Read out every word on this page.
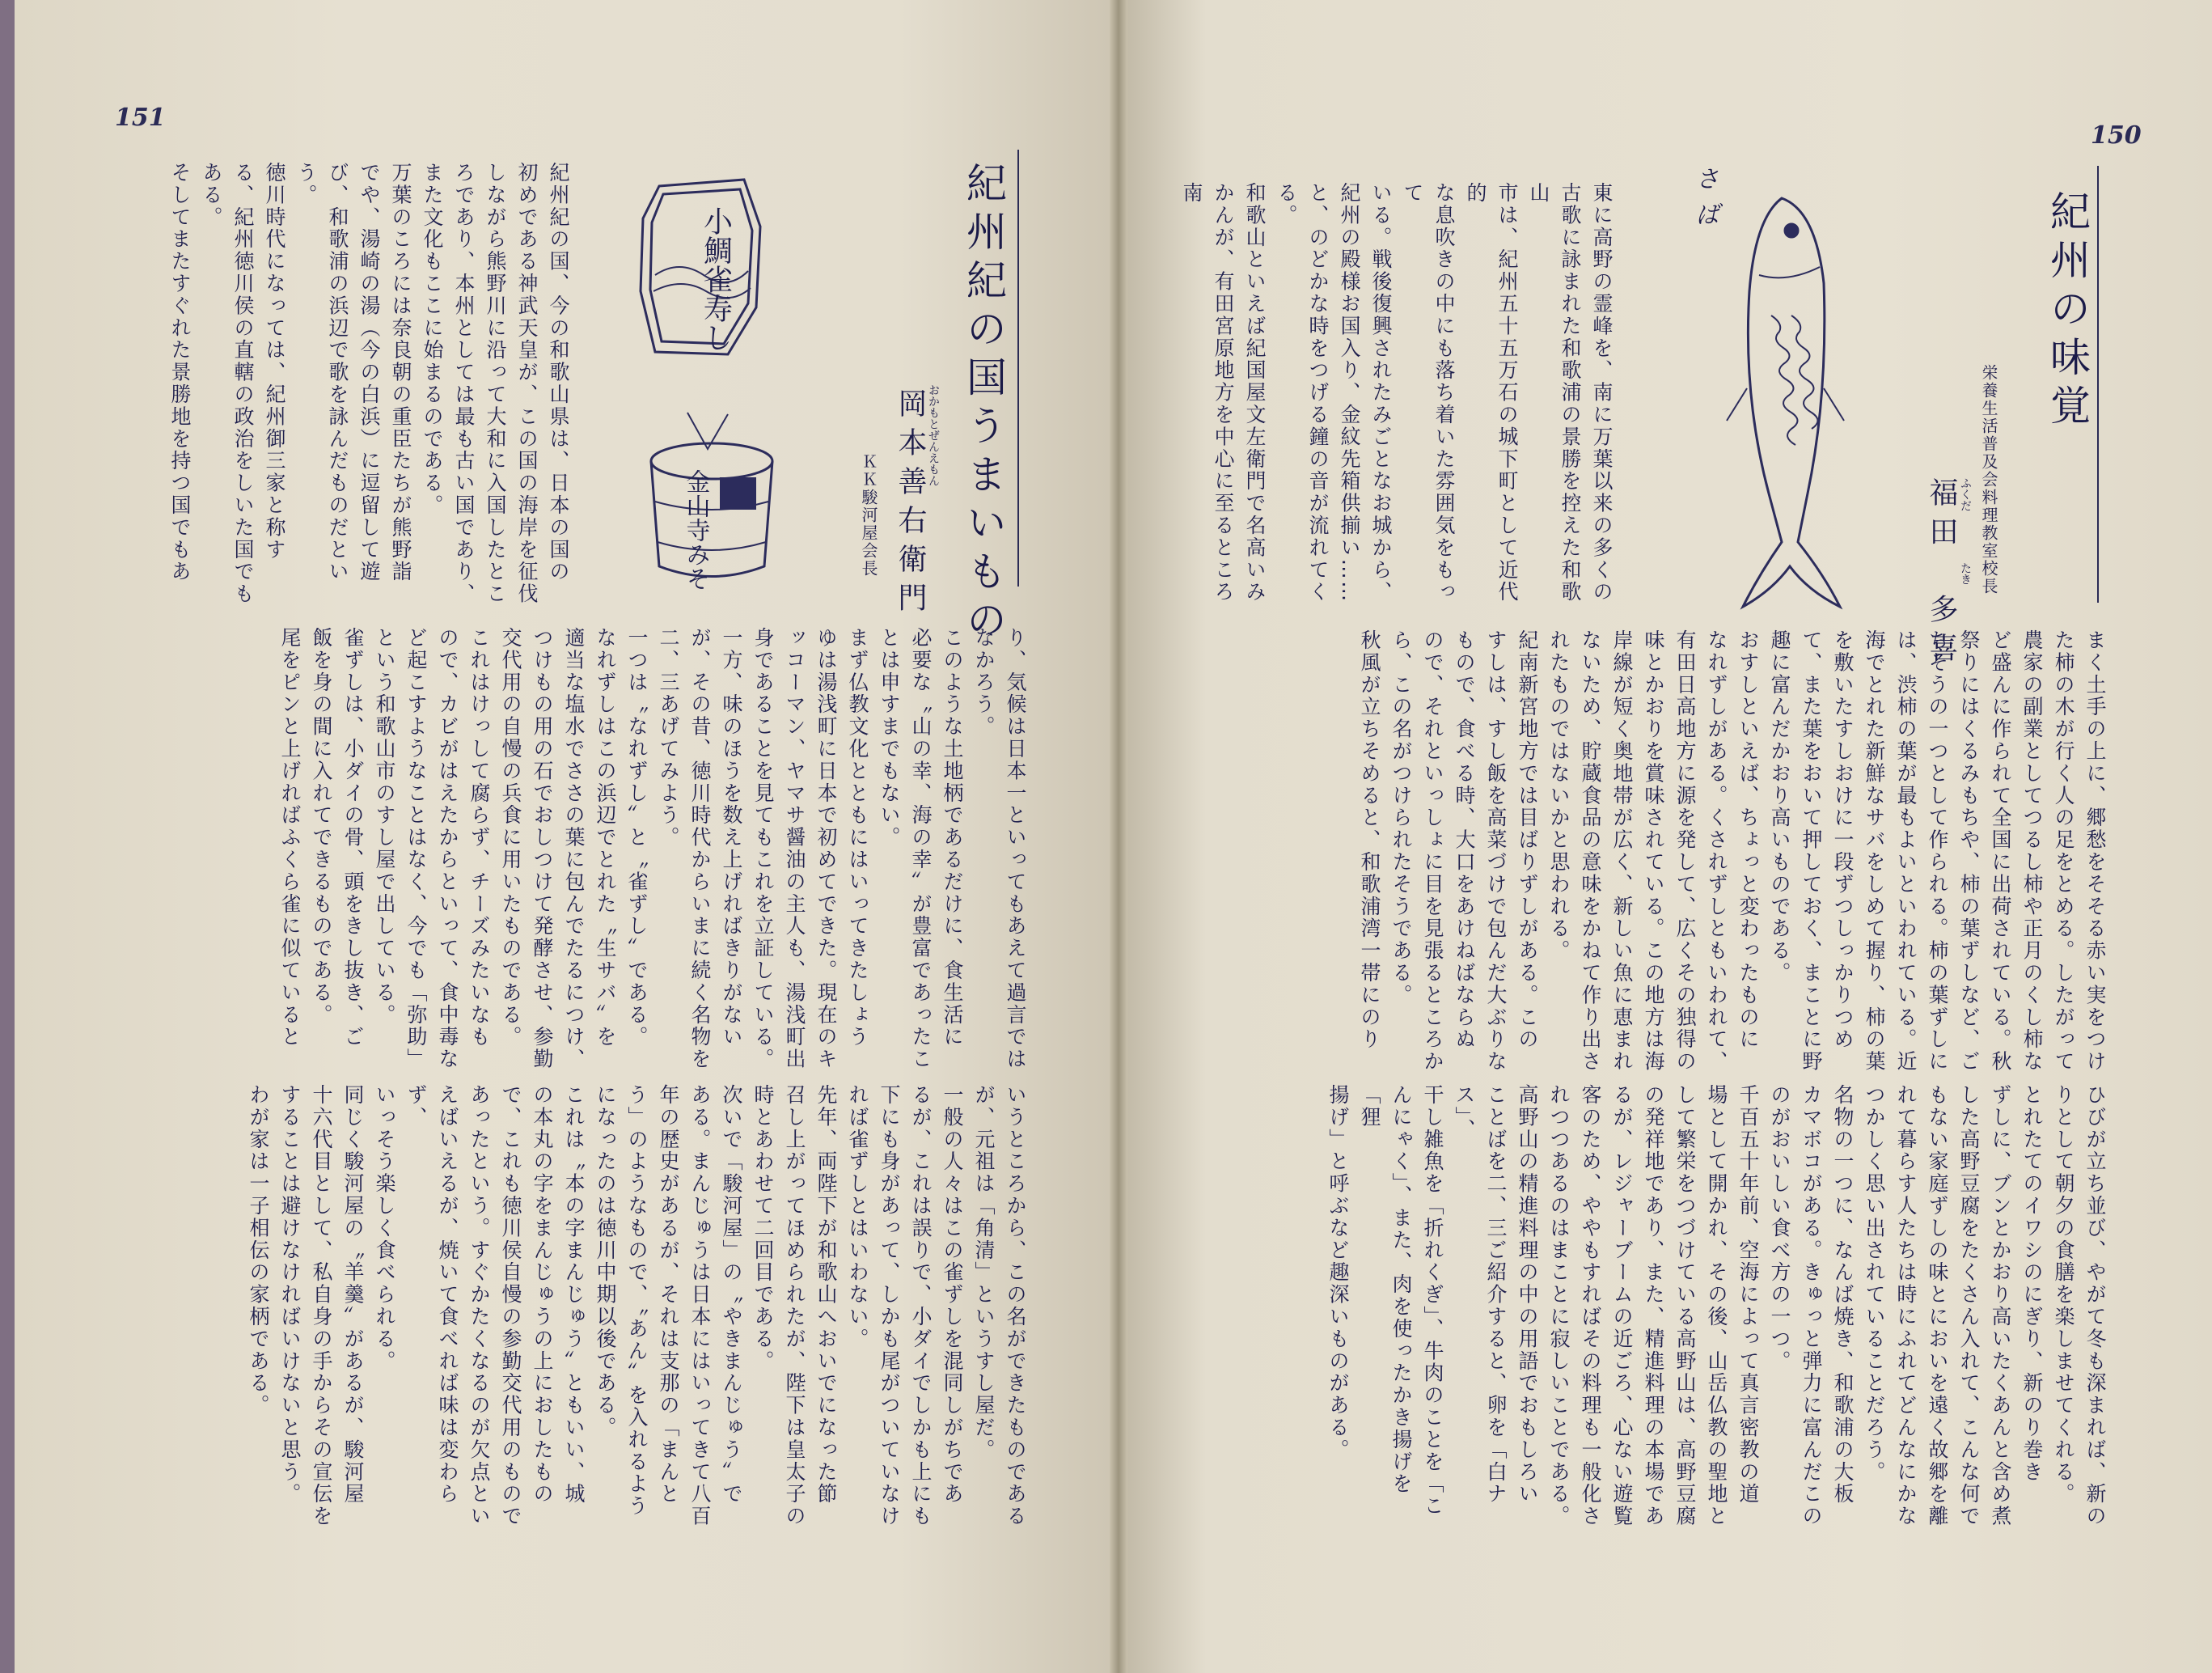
151
紀州紀の国うまいもの
おかもとぜんえもん
岡本善右衛門
ＫＫ駿河屋会長
小鯛雀寿し
金山寺みそ
紀州紀の国、今の和歌山県は、日本の国の
初めである神武天皇が、この国の海岸を征伐
しながら熊野川に沿って大和に入国したとこ
ろであり、本州としては最も古い国であり、
また文化もここに始まるのである。
万葉のころには奈良朝の重臣たちが熊野詣
でや、湯崎の湯（今の白浜）に逗留して遊
び、和歌浦の浜辺で歌を詠んだものだという。
徳川時代になっては、紀州御三家と称す
る、紀州徳川侯の直轄の政治をしいた国でも
ある。
そしてまたすぐれた景勝地を持つ国でもあ
り、気候は日本一といってもあえて過言では
なかろう。
このような土地柄であるだけに、食生活に
必要な〝山の幸、海の幸〟が豊富であったこ
とは申すまでもない。
まず仏教文化とともにはいってきたしょう
ゆは湯浅町に日本で初めてできた。現在のキ
ッコーマン、ヤマサ醤油の主人も、湯浅町出
身であることを見てもこれを立証している。
一方、味のほうを数え上げればきりがない
が、その昔、徳川時代からいまに続く名物を
二、三あげてみよう。
一つは〝なれずし〟と〝雀ずし〟である。
なれずしはこの浜辺でとれた〝生サバ〟を
適当な塩水でささの葉に包んでたるにつけ、
つけもの用の石でおしつけて発酵させ、参勤
交代用の自慢の兵食に用いたものである。
これはけっして腐らず、チーズみたいなも
ので、カビがはえたからといって、食中毒な
ど起こすようなことはなく、今でも「弥助」
という和歌山市のすし屋で出している。
雀ずしは、小ダイの骨、頭をきし抜き、ご
飯を身の間に入れてできるものである。
尾をピンと上げればふくら雀に似ていると
いうところから、この名ができたものである
が、元祖は「角清」というすし屋だ。
一般の人々はこの雀ずしを混同しがちであ
るが、これは誤りで、小ダイでしかも上にも
下にも身があって、しかも尾がついていなけ
れば雀ずしとはいわない。
先年、両陛下が和歌山へおいでになった節
召し上がってほめられたが、陛下は皇太子の
時とあわせて二回目である。
次いで「駿河屋」の〝やきまんじゅう〟で
ある。まんじゅうは日本にはいってきて八百
年の歴史があるが、それは支那の「まんと
う」のようなもので、〝あん〟を入れるよう
になったのは徳川中期以後である。
これは〝本の字まんじゅう〟ともいい、城
の本丸の字をまんじゅうの上におしたもの
で、これも徳川侯自慢の参勤交代用のもので
あったという。すぐかたくなるのが欠点とい
えばいえるが、焼いて食べれば味は変わらず、
いっそう楽しく食べられる。
同じく駿河屋の〝羊羹〟があるが、駿河屋
十六代目として、私自身の手からその宣伝を
することは避けなければいけないと思う。
わが家は一子相伝の家柄である。
150
紀州の味覚
栄養生活普及会料理教室校長
ふくだ
たき
福田　多喜
さば
東に高野の霊峰を、南に万葉以来の多くの
古歌に詠まれた和歌浦の景勝を控えた和歌山
市は、紀州五十五万石の城下町として近代的
な息吹きの中にも落ち着いた雰囲気をもって
いる。戦後復興されたみごとなお城から、
紀州の殿様お国入り、金紋先箱供揃い……
と、のどかな時をつげる鐘の音が流れてくる。
和歌山といえば紀国屋文左衛門で名高いみ
かんが、有田宮原地方を中心に至るところ南

まく土手の上に、郷愁をそそる赤い実をつけ
た柿の木が行く人の足をとめる。したがって
農家の副業としてつるし柿や正月のくし柿な
ど盛んに作られて全国に出荷されている。秋
祭りにはくるみもちや、柿の葉ずしなど、ご
ちそうの一つとして作られる。柿の葉ずしに
は、渋柿の葉が最もよいといわれている。近
海でとれた新鮮なサバをしめて握り、柿の葉
を敷いたすしおけに一段ずつしっかりつめ
て、また葉をおいて押しておく、まことに野
趣に富んだかおり高いものである。
おすしといえば、ちょっと変わったものに
なれずしがある。くされずしともいわれて、
有田日高地方に源を発して、広くその独得の
味とかおりを賞味されている。この地方は海
岸線が短く奥地帯が広く、新しい魚に恵まれ
ないため、貯蔵食品の意味をかねて作り出さ
れたものではないかと思われる。
紀南新宮地方では目ばりずしがある。この
すしは、すし飯を高菜づけで包んだ大ぶりな
もので、食べる時、大口をあけねばならぬ
ので、それといっしょに目を見張るところか
ら、この名がつけられたそうである。
秋風が立ちそめると、和歌浦湾一帯にのり
ひびが立ち並び、やがて冬も深まれば、新の
りとして朝夕の食膳を楽しませてくれる。
とれたてのイワシのにぎり、新のり巻き
ずしに、ブンとかおり高いたくあんと含め煮
した高野豆腐をたくさん入れて、こんな何で
もない家庭ずしの味とにおいを遠く故郷を離
れて暮らす人たちは時にふれてどんなにかな
つかしく思い出されていることだろう。
名物の一つに、なんば焼き、和歌浦の大板
カマボコがある。きゅっと弾力に富んだこの
のがおいしい食べ方の一つ。
千百五十年前、空海によって真言密教の道
場として開かれ、その後、山岳仏教の聖地と
して繁栄をつづけている高野山は、高野豆腐
の発祥地であり、また、精進料理の本場であ
るが、レジャーブームの近ごろ、心ない遊覧
客のため、ややもすればその料理も一般化さ
れつつあるのはまことに寂しいことである。
高野山の精進料理の中の用語でおもしろい
ことばを二、三ご紹介すると、卵を「白ナス」、
干し雑魚を「折れくぎ」、牛肉のことを「こ
んにゃく」、また、肉を使ったかき揚げを「狸
揚げ」と呼ぶなど趣深いものがある。
